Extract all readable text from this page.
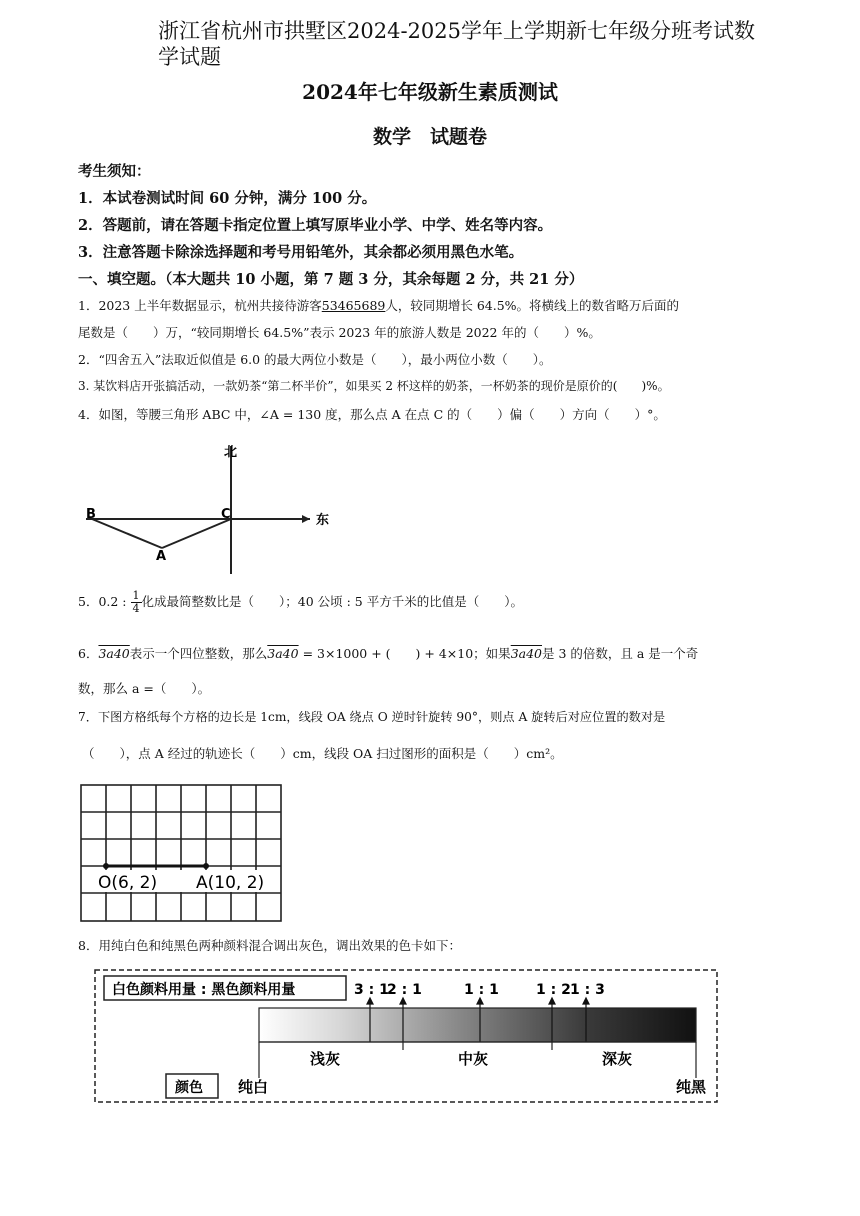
浙江省杭州市拱墅区2024-2025学年上学期新七年级分班考试数学试题
2024年七年级新生素质测试
数学　试题卷
考生须知：
1．本试卷测试时间 60 分钟，满分 100 分。
2．答题前，请在答题卡指定位置上填写原毕业小学、中学、姓名等内容。
3．注意答题卡除涂选择题和考号用铅笔外，其余都必须用黑色水笔。
一、填空题。（本大题共 10 小题，第 7 题 3 分，其余每题 2 分，共 21 分）
1．2023 上半年数据显示，杭州共接待游客53465689人，较同期增长 64.5%。将横线上的数省略万后面的
尾数是（　　）万，“较同期增长 64.5%”表示 2023 年的旅游人数是 2022 年的（　　）%。
2．“四舍五入”法取近似值是 6.0 的最大两位小数是（　　），最小两位小数（　　）。
3. 某饮料店开张搞活动，一款奶茶“第二杯半价”，如果买 2 杯这样的奶茶，一杯奶茶的现价是原价的(　　)%。
4．如图，等腰三角形 ABC 中，∠A = 130 度，那么点 A 在点 C 的（　　）偏（　　）方向（　　）°。
北
东
B	C
A
5．0.2 : $\frac{1}{4}$ 化成最简整数比是（　　）；40 公顷 : 5 平方千米的比值是（　　）。
6．3a40表示一个四位整数，那么3a40 = 3×1000 + (　　) + 4×10；如果3a40是 3 的倍数，且 a 是一个奇
数，那么 a =（　　）。
7．下图方格纸每个方格的边长是 1cm，线段 OA 绕点 O 逆时针旋转 90°，则点 A 旋转后对应位置的数对是
（　　），点 A 经过的轨迹长（　　）cm，线段 OA 扫过图形的面积是（　　）cm²。
O(6, 2) A(10, 2)
8．用纯白色和纯黑色两种颜料混合调出灰色，调出效果的色卡如下：
白色颜料用量 : 黑色颜料用量	3 : 1
2 : 1	1 : 1	1 : 2 1 : 3
浅灰	中灰	深灰
颜色 纯白	纯黑
